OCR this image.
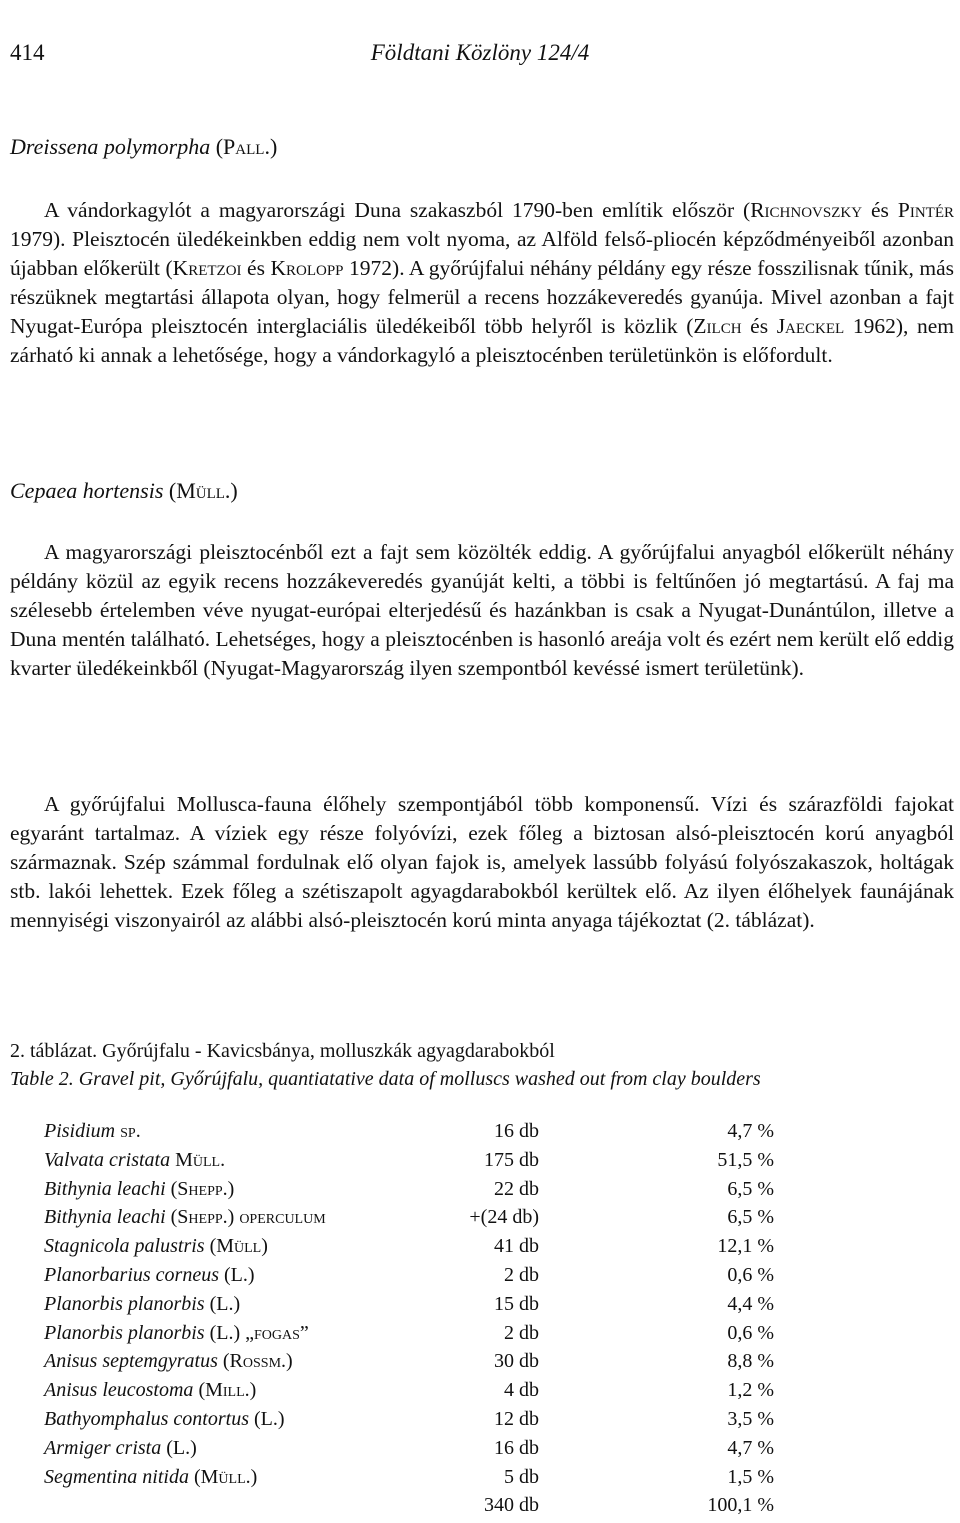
414	Földtani Közlöny 124/4
Dreissena polymorpha (Pall.)
A vándorkagylót a magyarországi Duna szakaszból 1790-ben említik először (Richnovszky és Pintér 1979). Pleisztocén üledékeinkben eddig nem volt nyoma, az Alföld felső-pliocén képződményeiből azonban újabban előkerült (Kretzoi és Krolopp 1972). A győrújfalui néhány példány egy része fosszilisnak tűnik, más részüknek megtartási állapota olyan, hogy felmerül a recens hozzákeveredés gyanúja. Mivel azonban a fajt Nyugat-Európa pleisztocén interglaciális üledékeiből több helyről is közlik (Zilch és Jaeckel 1962), nem zárható ki annak a lehetősége, hogy a vándorkagyló a pleisztocénben területünkön is előfordult.
Cepaea hortensis (Müll.)
A magyarországi pleisztocénből ezt a fajt sem közölték eddig. A győrújfalui anyagból előkerült néhány példány közül az egyik recens hozzákeveredés gyanúját kelti, a többi is feltűnően jó megtartású. A faj ma szélesebb értelemben véve nyugat-európai elterjedésű és hazánkban is csak a Nyugat-Dunántúlon, illetve a Duna mentén található. Lehetséges, hogy a pleisztocénben is hasonló areája volt és ezért nem került elő eddig kvarter üledékeinkből (Nyugat-Magyarország ilyen szempontból kevéssé ismert területünk).
A győrújfalui Mollusca-fauna élőhely szempontjából több komponensű. Vízi és szárazföldi fajokat egyaránt tartalmaz. A víziek egy része folyóvízi, ezek főleg a biztosan alsó-pleisztocén korú anyagból származnak. Szép számmal fordulnak elő olyan fajok is, amelyek lassúbb folyású folyószakaszok, holtágak stb. lakói lehettek. Ezek főleg a szétiszapolt agyagdarabokból kerültek elő. Az ilyen élőhelyek faunájának mennyiségi viszonyairól az alábbi alsó-pleisztocén korú minta anyaga tájékoztat (2. táblázat).
2. táblázat. Győrújfalu - Kavicsbánya, molluszkák agyagdarabokból
Table 2. Gravel pit, Győrújfalu, quantiatative data of molluscs washed out from clay boulders
Pisidium sp.	16 db	4,7 %
Valvata cristata Müll.	175 db	51,5 %
Bithynia leachi (Shepp.)	22 db	6,5 %
Bithynia leachi (Shepp.) operculum	+(24 db)	6,5 %
Stagnicola palustris (Müll)	41 db	12,1 %
Planorbarius corneus (L.)	2 db	0,6 %
Planorbis planorbis (L.)	15 db	4,4 %
Planorbis planorbis (L.) „fogas”	2 db	0,6 %
Anisus septemgyratus (Rossm.)	30 db	8,8 %
Anisus leucostoma (Mill.)	4 db	1,2 %
Bathyomphalus contortus (L.)	12 db	3,5 %
Armiger crista (L.)	16 db	4,7 %
Segmentina nitida (Müll.)	5 db	1,5 %
	340 db	100,1 %
